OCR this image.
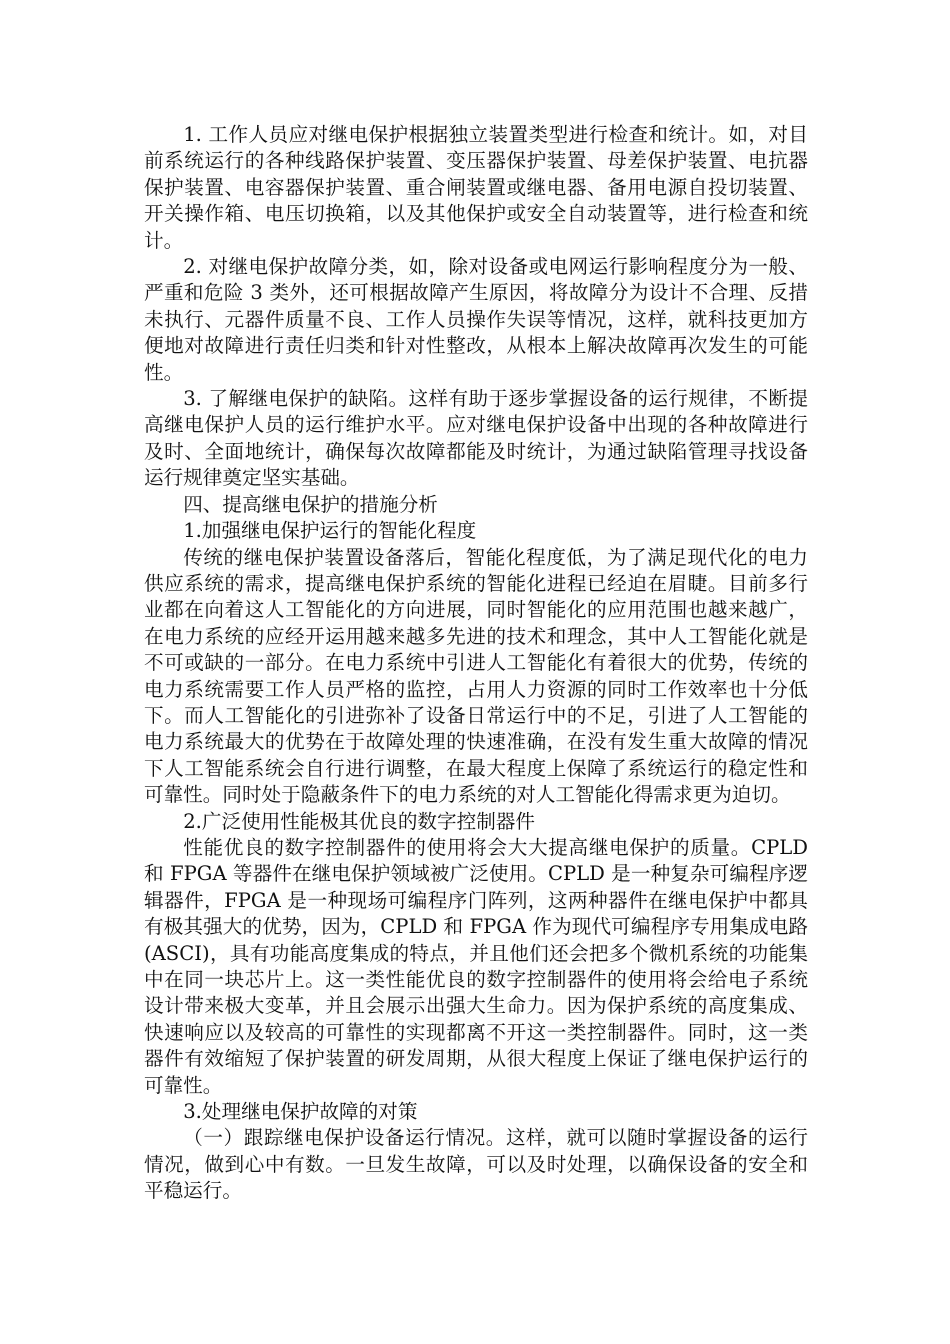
1. 工作人员应对继电保护根据独立装置类型进行检查和统计。如，对目前系统运行的各种线路保护装置、变压器保护装置、母差保护装置、电抗器保护装置、电容器保护装置、重合闸装置或继电器、备用电源自投切装置、开关操作箱、电压切换箱，以及其他保护或安全自动装置等，进行检查和统计。

2. 对继电保护故障分类，如，除对设备或电网运行影响程度分为一般、严重和危险 3 类外，还可根据故障产生原因，将故障分为设计不合理、反措未执行、元器件质量不良、工作人员操作失误等情况，这样，就科技更加方便地对故障进行责任归类和针对性整改，从根本上解决故障再次发生的可能性。

3. 了解继电保护的缺陷。这样有助于逐步掌握设备的运行规律，不断提高继电保护人员的运行维护水平。应对继电保护设备中出现的各种故障进行及时、全面地统计，确保每次故障都能及时统计，为通过缺陷管理寻找设备运行规律奠定坚实基础。

四、提高继电保护的措施分析

1.加强继电保护运行的智能化程度

传统的继电保护装置设备落后，智能化程度低，为了满足现代化的电力供应系统的需求，提高继电保护系统的智能化进程已经迫在眉睫。目前多行业都在向着这人工智能化的方向进展，同时智能化的应用范围也越来越广，在电力系统的应经开运用越来越多先进的技术和理念，其中人工智能化就是不可或缺的一部分。在电力系统中引进人工智能化有着很大的优势，传统的电力系统需要工作人员严格的监控，占用人力资源的同时工作效率也十分低下。而人工智能化的引进弥补了设备日常运行中的不足，引进了人工智能的电力系统最大的优势在于故障处理的快速准确，在没有发生重大故障的情况下人工智能系统会自行进行调整，在最大程度上保障了系统运行的稳定性和可靠性。同时处于隐蔽条件下的电力系统的对人工智能化得需求更为迫切。

2.广泛使用性能极其优良的数字控制器件

性能优良的数字控制器件的使用将会大大提高继电保护的质量。CPLD 和 FPGA 等器件在继电保护领域被广泛使用。CPLD 是一种复杂可编程序逻辑器件，FPGA 是一种现场可编程序门阵列，这两种器件在继电保护中都具有极其强大的优势，因为，CPLD 和 FPGA 作为现代可编程序专用集成电路(ASCI)，具有功能高度集成的特点，并且他们还会把多个微机系统的功能集中在同一块芯片上。这一类性能优良的数字控制器件的使用将会给电子系统设计带来极大变革，并且会展示出强大生命力。因为保护系统的高度集成、快速响应以及较高的可靠性的实现都离不开这一类控制器件。同时，这一类器件有效缩短了保护装置的研发周期，从很大程度上保证了继电保护运行的可靠性。

3.处理继电保护故障的对策

（一）跟踪继电保护设备运行情况。这样，就可以随时掌握设备的运行情况，做到心中有数。一旦发生故障，可以及时处理，以确保设备的安全和平稳运行。
